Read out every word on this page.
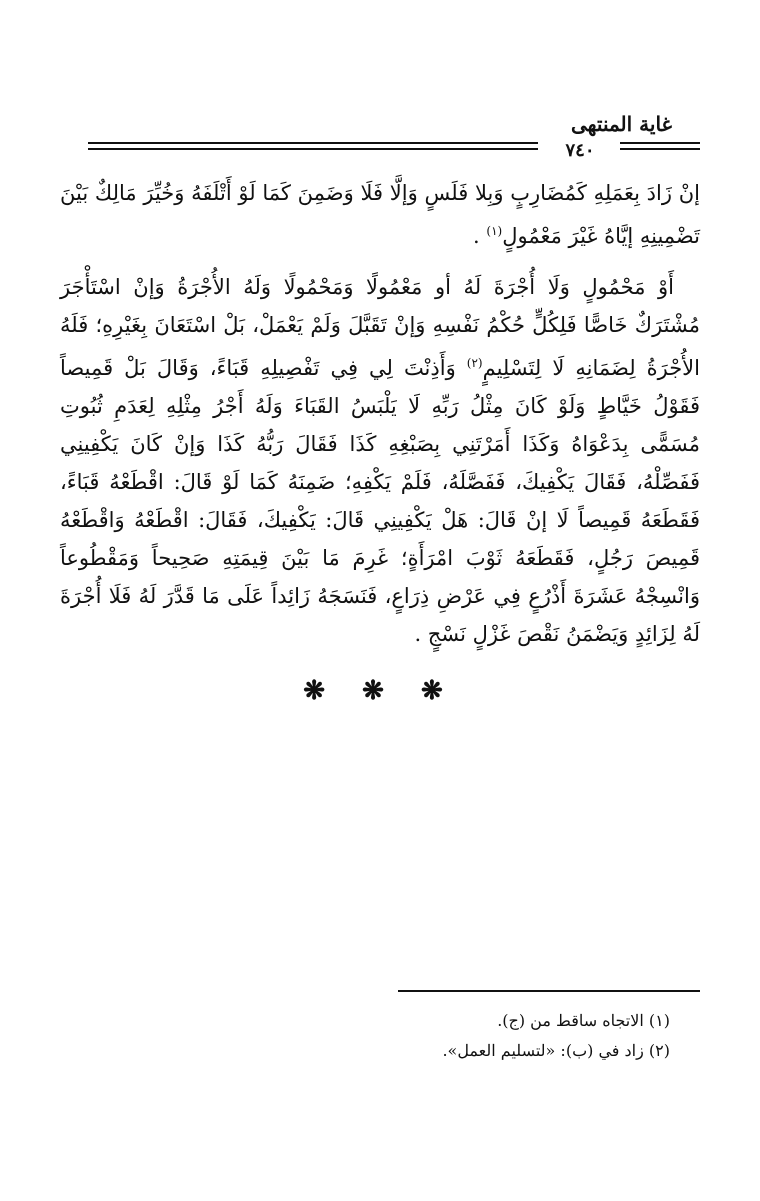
غاية المنتهى
٧٤٠
إنْ زَادَ بِعَمَلِهِ كَمُضَارِبٍ وَبِلا فَلَسٍ وَإلَّا فَلَا وَضَمِنَ كَمَا لَوْ أَتْلَفَهُ وَخُيِّرَ مَالِكٌ بَيْنَ تَضْمِينِهِ إيَّاهُ غَيْرَ مَعْمُولٍ$^{(١)}$ .
أَوْ مَحْمُولٍ وَلَا أُجْرَةَ لَهُ أو مَعْمُولًا وَمَحْمُولًا وَلَهُ الأُجْرَةُ وَإنْ اسْتَأْجَرَ مُشْتَرَكٌ خَاصًّا فَلِكُلٍّ حُكْمُ نَفْسِهِ وَإنْ تَقَبَّلَ وَلَمْ يَعْمَلْ، بَلْ اسْتَعَانَ بِغَيْرِهِ؛ فَلَهُ الأُجْرَةُ لِضَمَانِهِ لَا لِتَسْلِيمٍ$^{(٢)}$ وَأَذِنْتَ لِي فِي تَفْصِيلِهِ قَبَاءً، وَقَالَ بَلْ قَمِيصاً فَقَوْلُ خَيَّاطٍ وَلَوْ كَانَ مِثْلُ رَبِّهِ لَا يَلْبَسُ القَبَاءَ وَلَهُ أَجْرُ مِثْلِهِ لِعَدَمِ ثُبُوتِ مُسَمًّى بِدَعْوَاهُ وَكَذَا أَمَرْتَنِي بِصَبْغِهِ كَذَا فَقَالَ رَبُّهُ كَذَا وَإنْ كَانَ يَكْفِينِي فَفَصِّلْهُ، فَقَالَ يَكْفِيكَ، فَفَصَّلَهُ، فَلَمْ يَكْفِهِ؛ ضَمِنَهُ كَمَا لَوْ قَالَ: اقْطَعْهُ قَبَاءً، فَقَطَعَهُ قَمِيصاً لَا إنْ قَالَ: هَلْ يَكْفِينِي قَالَ: يَكْفِيكَ، فَقَالَ: اقْطَعْهُ وَاقْطَعْهُ قَمِيصَ رَجُلٍ، فَقَطَعَهُ ثَوْبَ امْرَأَةٍ؛ غَرِمَ مَا بَيْنَ قِيمَتِهِ صَحِيحاً وَمَقْطُوعاً وَانْسِجْهُ عَشَرَةَ أَذْرُعٍ فِي عَرْضِ ذِرَاعٍ، فَنَسَجَهُ زَائِداً عَلَى مَا قَدَّرَ لَهُ فَلَا أُجْرَةَ لَهُ لِزَائِدٍ وَيَضْمَنُ نَقْصَ غَزْلٍ نَسْجٍ .
❋ ❋ ❋
(١) الاتجاه ساقط من (ج).
(٢) زاد في (ب): «لتسليم العمل».
